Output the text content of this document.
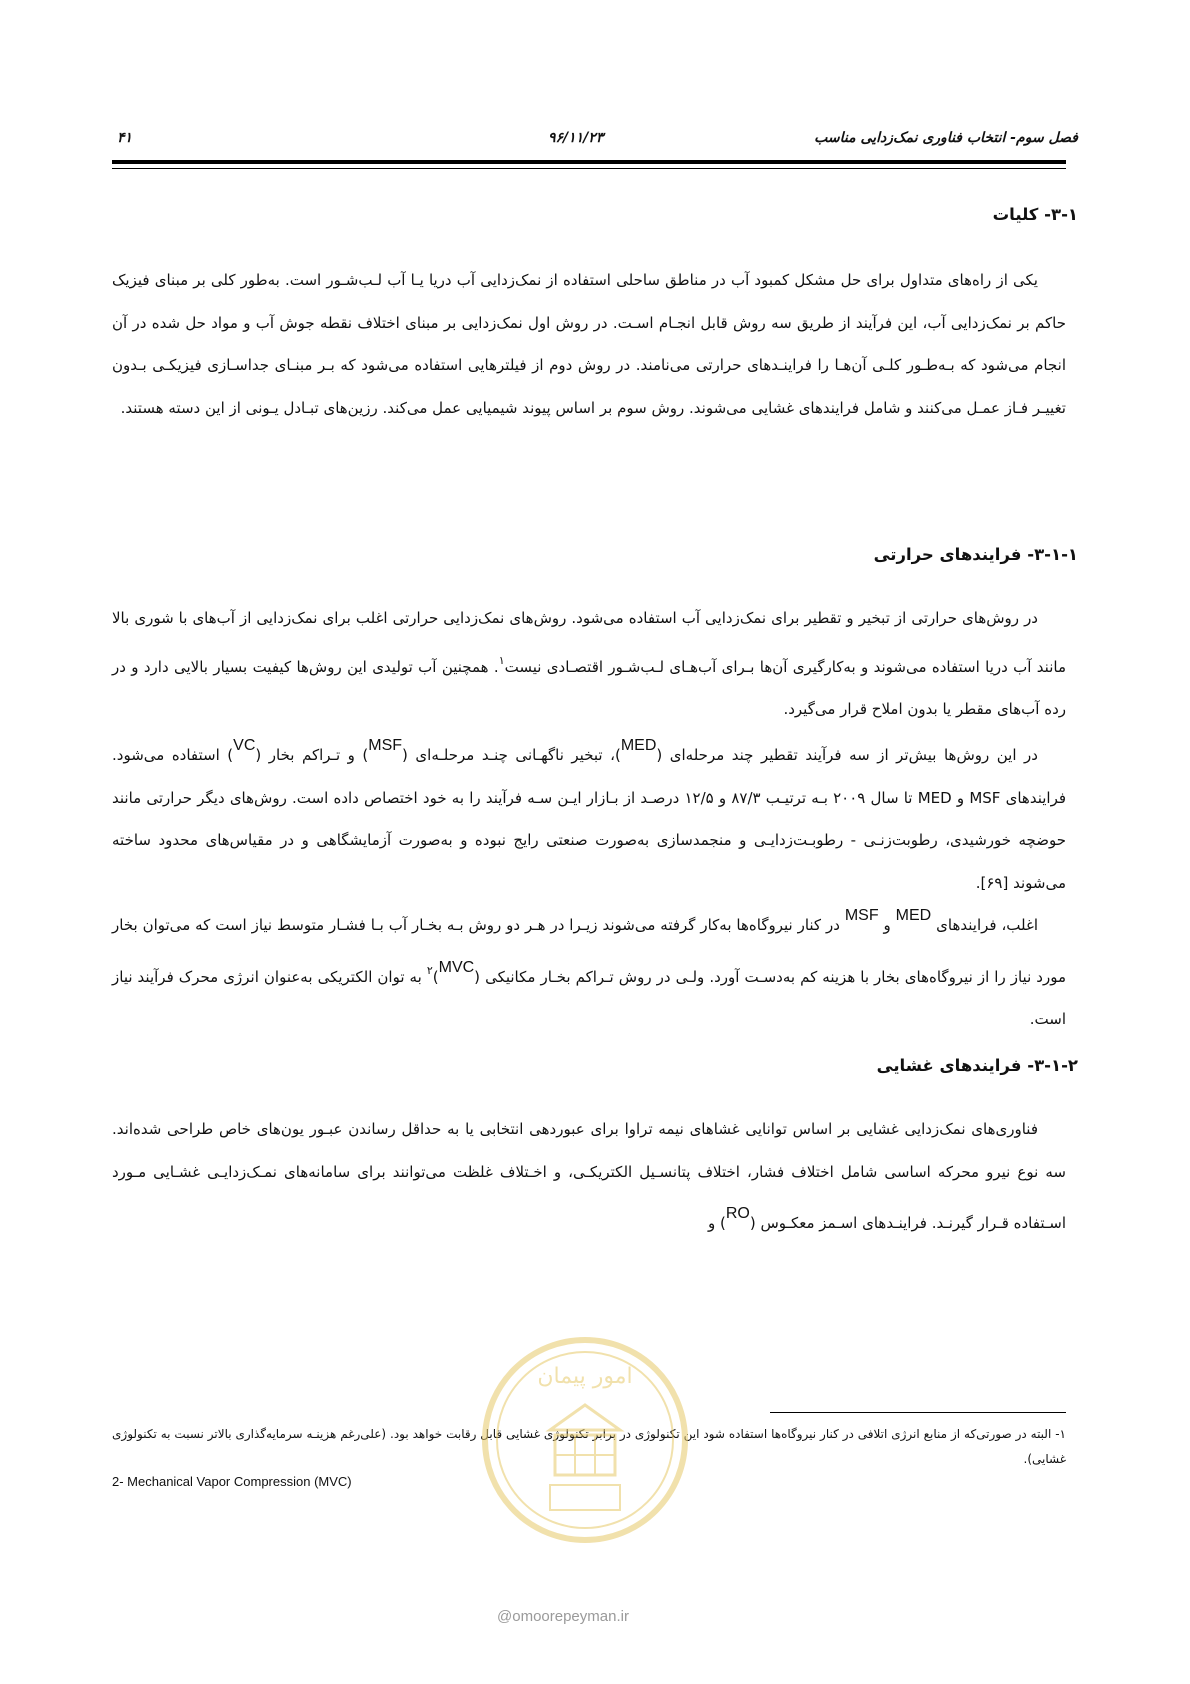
فصل سوم- انتخاب فناوری نمک‌زدایی مناسب
۹۶/۱۱/۲۳
۴۱
۳-۱- کلیات

یکی از راه‌های متداول برای حل مشکل کمبود آب در مناطق ساحلی استفاده از نمک‌زدایی آب دریا یـا آب لـب‌شـور است. به‌طور کلی بر مبنای فیزیک حاکم بر نمک‌زدایی آب، این فرآیند از طریق سه روش قابل انجـام اسـت. در روش اول نمک‌زدایی بر مبنای اختلاف نقطه جوش آب و مواد حل شده در آن انجام می‌شود که بـه‌طـور کلـی آن‌هـا را فراینـدهای حرارتی می‌نامند. در روش دوم از فیلترهایی استفاده می‌شود که بـر مبنـای جداسـازی فیزیکـی بـدون تغییـر فـاز عمـل می‌کنند و شامل فرایندهای غشایی می‌شوند. روش سوم بر اساس پیوند شیمیایی عمل می‌کند. رزین‌های تبـادل یـونی از این دسته هستند.

۳-۱-۱- فرایندهای حرارتی

در روش‌های حرارتی از تبخیر و تقطیر برای نمک‌زدایی آب استفاده می‌شود. روش‌های نمک‌زدایی حرارتی اغلب برای نمک‌زدایی از آب‌های با شوری بالا مانند آب دریا استفاده می‌شوند و به‌کارگیری آن‌ها بـرای آب‌هـای لـب‌شـور اقتصـادی نیست$^۱$. همچنین آب تولیدی این روش‌ها کیفیت بسیار بالایی دارد و در رده آب‌های مقطر یا بدون املاح قرار می‌گیرد.

در این روش‌ها بیش‌تر از سه فرآیند تقطیر چند مرحله‌ای (MED)، تبخیر ناگهـانی چنـد مرحلـه‌ای (MSF) و تـراکم بخار (VC) استفاده می‌شود. فرایندهای MSF و MED تا سال ۲۰۰۹ بـه ترتیـب ۸۷/۳ و ۱۲/۵ درصـد از بـازار ایـن سـه فرآیند را به خود اختصاص داده است. روش‌های دیگر حرارتی مانند حوضچه خورشیدی، رطوبت‌زنـی - رطوبـت‌زدایـی و منجمدسازی به‌صورت صنعتی رایج نبوده و به‌صورت آزمایشگاهی و در مقیاس‌های محدود ساخته می‌شوند [۶۹].

اغلب، فرایندهای MED و MSF در کنار نیروگاه‌ها به‌کار گرفته می‌شوند زیـرا در هـر دو روش بـه بخـار آب بـا فشـار متوسط نیاز است که می‌توان بخار مورد نیاز را از نیروگاه‌های بخار با هزینه کم به‌دسـت آورد. ولـی در روش تـراکم بخـار مکانیکی (MVC)$^۲$ به توان الکتریکی به‌عنوان انرژی محرک فرآیند نیاز است.

۳-۱-۲- فرایندهای غشایی

فناوری‌های نمک‌زدایی غشایی بر اساس توانایی غشاهای نیمه تراوا برای عبوردهی انتخابی یا به حداقل رساندن عبـور یون‌های خاص طراحی شده‌اند. سه نوع نیرو محرکه اساسی شامل اختلاف فشار، اختلاف پتانسـیل الکتریکـی، و اخـتلاف غلظت می‌توانند برای سامانه‌های نمـک‌زدایـی غشـایی مـورد اسـتفاده قـرار گیرنـد. فراینـدهای اسـمز معکـوس (RO) و

۱- البته در صورتی‌که از منابع انرژی اتلافی در کنار نیروگاه‌ها استفاده شود این تکنولوژی در برابر تکنولوژی غشایی قابل رقابت خواهد بود. (علی‌رغم هزینـه سرمایه‌گذاری بالاتر نسبت به تکنولوژی غشایی).

2- Mechanical Vapor Compression (MVC)
امور پیمان
@omoorepeyman.ir
